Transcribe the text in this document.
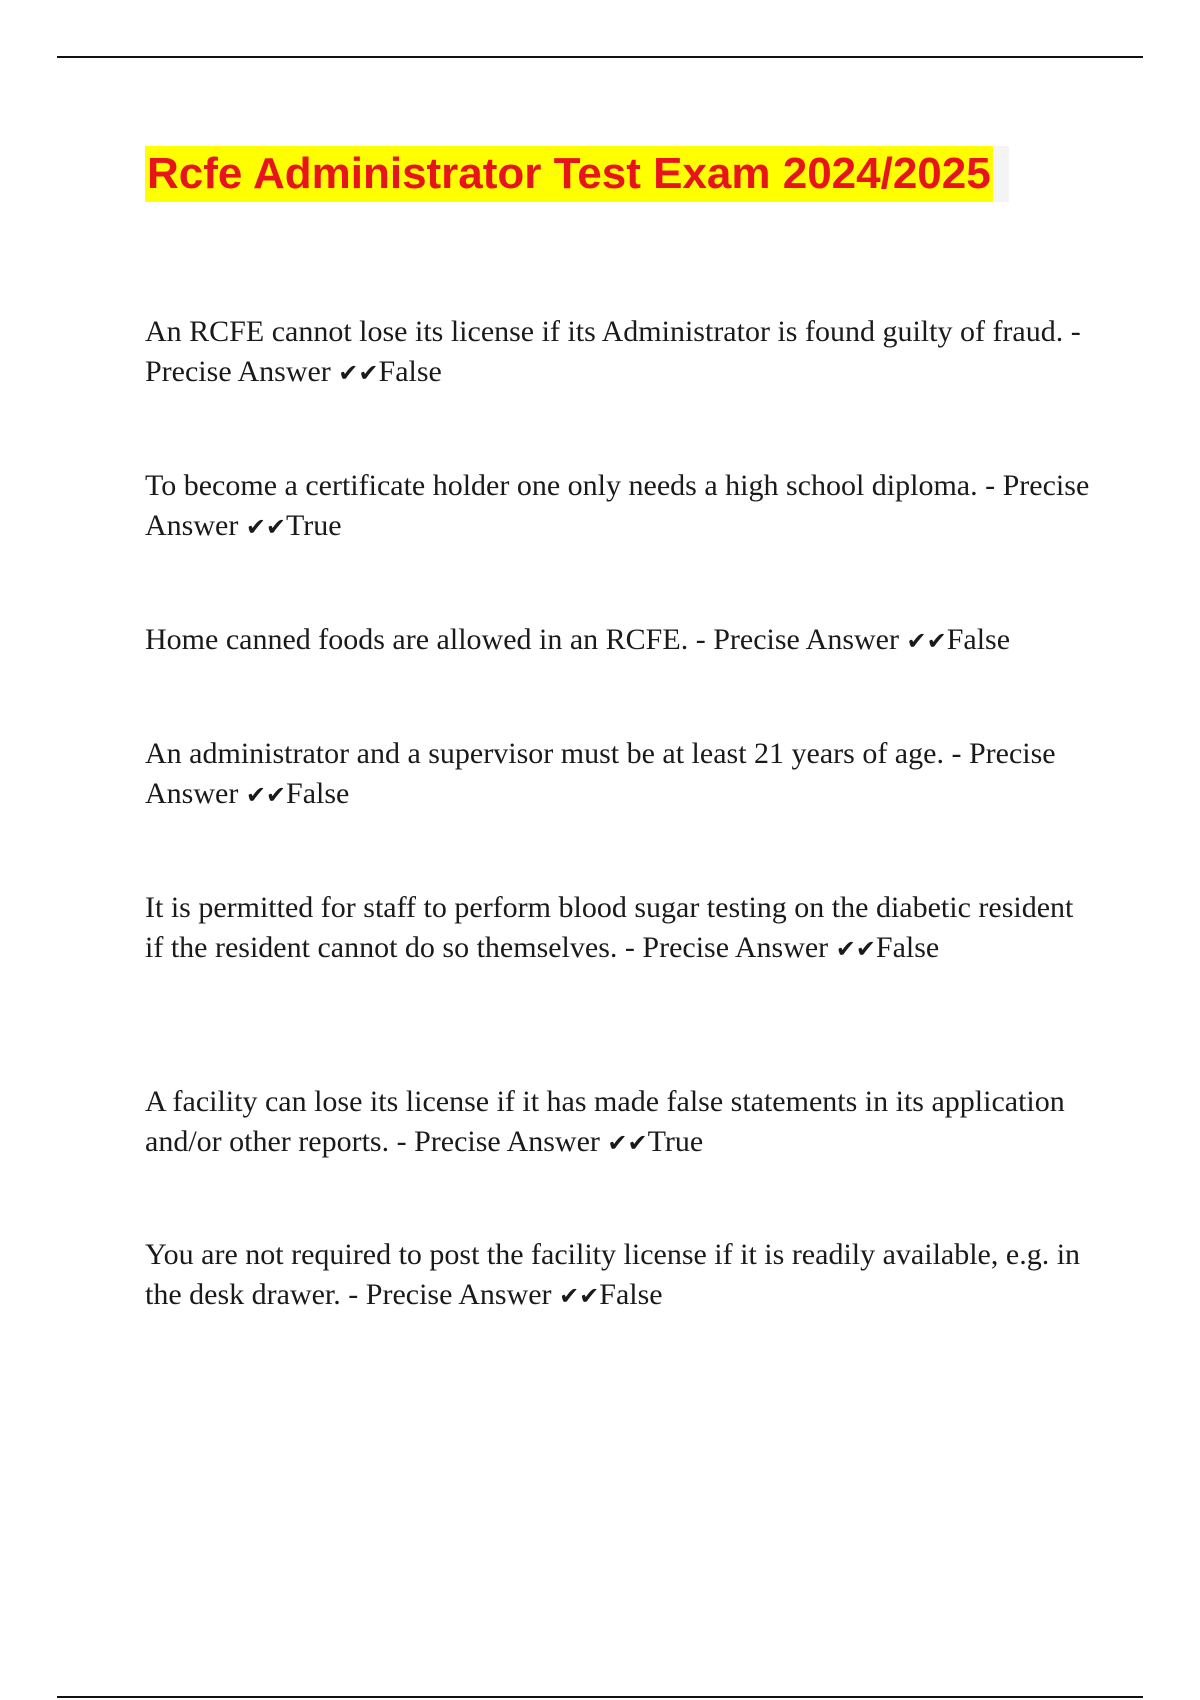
Rcfe Administrator Test Exam 2024/2025

An RCFE cannot lose its license if its Administrator is found guilty of fraud. - Precise Answer ✔✔False

To become a certificate holder one only needs a high school diploma. - Precise Answer ✔✔True

Home canned foods are allowed in an RCFE. - Precise Answer ✔✔False

An administrator and a supervisor must be at least 21 years of age. - Precise Answer ✔✔False

It is permitted for staff to perform blood sugar testing on the diabetic resident if the resident cannot do so themselves. - Precise Answer ✔✔False

A facility can lose its license if it has made false statements in its application and/or other reports. - Precise Answer ✔✔True

You are not required to post the facility license if it is readily available, e.g. in the desk drawer. - Precise Answer ✔✔False
